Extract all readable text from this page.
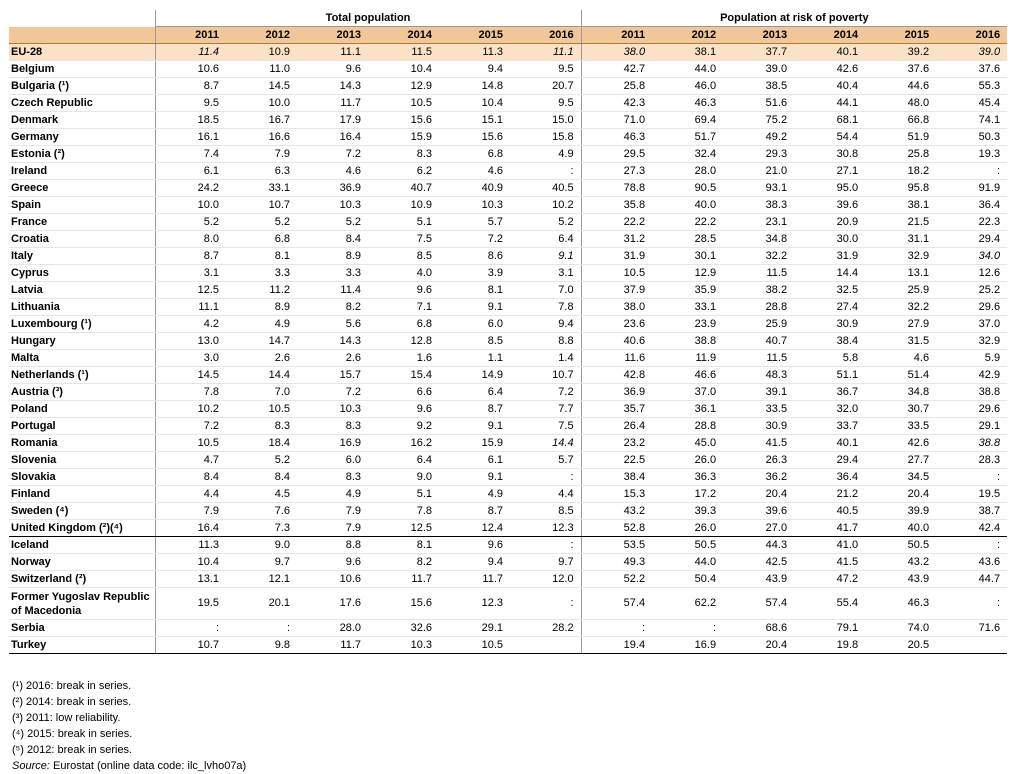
	Total population						Population at risk of poverty					
	2011	2012	2013	2014	2015	2016	2011	2012	2013	2014	2015	2016
EU-28	11.4	10.9	11.1	11.5	11.3	11.1	38.0	38.1	37.7	40.1	39.2	39.0
Belgium	10.6	11.0	9.6	10.4	9.4	9.5	42.7	44.0	39.0	42.6	37.6	37.6
Bulgaria (¹)	8.7	14.5	14.3	12.9	14.8	20.7	25.8	46.0	38.5	40.4	44.6	55.3
Czech Republic	9.5	10.0	11.7	10.5	10.4	9.5	42.3	46.3	51.6	44.1	48.0	45.4
Denmark	18.5	16.7	17.9	15.6	15.1	15.0	71.0	69.4	75.2	68.1	66.8	74.1
Germany	16.1	16.6	16.4	15.9	15.6	15.8	46.3	51.7	49.2	54.4	51.9	50.3
Estonia (²)	7.4	7.9	7.2	8.3	6.8	4.9	29.5	32.4	29.3	30.8	25.8	19.3
Ireland	6.1	6.3	4.6	6.2	4.6	:	27.3	28.0	21.0	27.1	18.2	:
Greece	24.2	33.1	36.9	40.7	40.9	40.5	78.8	90.5	93.1	95.0	95.8	91.9
Spain	10.0	10.7	10.3	10.9	10.3	10.2	35.8	40.0	38.3	39.6	38.1	36.4
France	5.2	5.2	5.2	5.1	5.7	5.2	22.2	22.2	23.1	20.9	21.5	22.3
Croatia	8.0	6.8	8.4	7.5	7.2	6.4	31.2	28.5	34.8	30.0	31.1	29.4
Italy	8.7	8.1	8.9	8.5	8.6	9.1	31.9	30.1	32.2	31.9	32.9	34.0
Cyprus	3.1	3.3	3.3	4.0	3.9	3.1	10.5	12.9	11.5	14.4	13.1	12.6
Latvia	12.5	11.2	11.4	9.6	8.1	7.0	37.9	35.9	38.2	32.5	25.9	25.2
Lithuania	11.1	8.9	8.2	7.1	9.1	7.8	38.0	33.1	28.8	27.4	32.2	29.6
Luxembourg (¹)	4.2	4.9	5.6	6.8	6.0	9.4	23.6	23.9	25.9	30.9	27.9	37.0
Hungary	13.0	14.7	14.3	12.8	8.5	8.8	40.6	38.8	40.7	38.4	31.5	32.9
Malta	3.0	2.6	2.6	1.6	1.1	1.4	11.6	11.9	11.5	5.8	4.6	5.9
Netherlands (¹)	14.5	14.4	15.7	15.4	14.9	10.7	42.8	46.6	48.3	51.1	51.4	42.9
Austria (³)	7.8	7.0	7.2	6.6	6.4	7.2	36.9	37.0	39.1	36.7	34.8	38.8
Poland	10.2	10.5	10.3	9.6	8.7	7.7	35.7	36.1	33.5	32.0	30.7	29.6
Portugal	7.2	8.3	8.3	9.2	9.1	7.5	26.4	28.8	30.9	33.7	33.5	29.1
Romania	10.5	18.4	16.9	16.2	15.9	14.4	23.2	45.0	41.5	40.1	42.6	38.8
Slovenia	4.7	5.2	6.0	6.4	6.1	5.7	22.5	26.0	26.3	29.4	27.7	28.3
Slovakia	8.4	8.4	8.3	9.0	9.1	:	38.4	36.3	36.2	36.4	34.5	:
Finland	4.4	4.5	4.9	5.1	4.9	4.4	15.3	17.2	20.4	21.2	20.4	19.5
Sweden (⁴)	7.9	7.6	7.9	7.8	8.7	8.5	43.2	39.3	39.6	40.5	39.9	38.7
United Kingdom (²)(⁴)	16.4	7.3	7.9	12.5	12.4	12.3	52.8	26.0	27.0	41.7	40.0	42.4
Iceland	11.3	9.0	8.8	8.1	9.6	:	53.5	50.5	44.3	41.0	50.5	:
Norway	10.4	9.7	9.6	8.2	9.4	9.7	49.3	44.0	42.5	41.5	43.2	43.6
Switzerland (²)	13.1	12.1	10.6	11.7	11.7	12.0	52.2	50.4	43.9	47.2	43.9	44.7
Former Yugoslav Republic of Macedonia	19.5	20.1	17.6	15.6	12.3	:	57.4	62.2	57.4	55.4	46.3	:
Serbia	:	:	28.0	32.6	29.1	28.2	:	:	68.6	79.1	74.0	71.6
Turkey	10.7	9.8	11.7	10.3	10.5		19.4	16.9	20.4	19.8	20.5	
(¹) 2016: break in series.
(²) 2014: break in series.
(³) 2011: low reliability.
(⁴) 2015: break in series.
(⁵) 2012: break in series.
Source: Eurostat (online data code: ilc_lvho07a)
